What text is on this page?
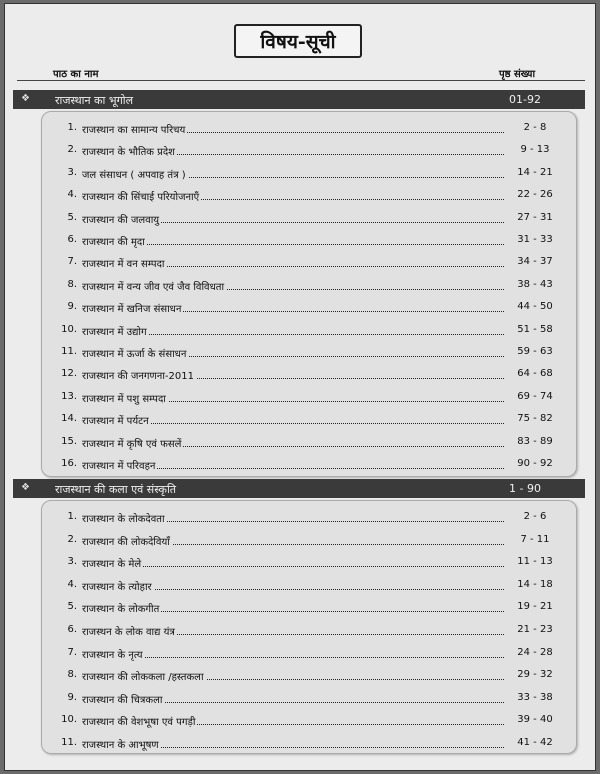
विषय-सूची
पाठ का नाम	पृष्ठ संख्या
❖ राजस्थान का भूगोल	01-92
1. राजस्थान का सामान्य परिचय	2 - 8
2. राजस्थान के भौतिक प्रदेश	9 - 13
3. जल संसाधन ( अपवाह तंत्र )	14 - 21
4. राजस्थान की सिंचाई परियोजनाएँ	22 - 26
5. राजस्थान की जलवायु	27 - 31
6. राजस्थान की मृदा	31 - 33
7. राजस्थान में वन सम्पदा	34 - 37
8. राजस्थान में वन्य जीव एवं जैव विविधता	38 - 43
9. राजस्थान में खनिज संसाधन	44 - 50
10. राजस्थान में उद्योग	51 - 58
11. राजस्थान में ऊर्जा के संसाधन	59 - 63
12. राजस्थान की जनगणना-2011	64 - 68
13. राजस्थान में पशु सम्पदा	69 - 74
14. राजस्थान में पर्यटन	75 - 82
15. राजस्थान में कृषि एवं फसलें	83 - 89
16. राजस्थान में परिवहन	90 - 92
❖ राजस्थान की कला एवं संस्कृति	1 - 90
1. राजस्थान के लोकदेवता	2 - 6
2. राजस्थान की लोकदेवियाँ	7 - 11
3. राजस्थान के मेले	11 - 13
4. राजस्थान के त्योहार	14 - 18
5. राजस्थान के लोकगीत	19 - 21
6. राजस्थन के लोक वाद्य यंत्र	21 - 23
7. राजस्थान के नृत्य	24 - 28
8. राजस्थान की लोककला /हस्तकला	29 - 32
9. राजस्थान की चित्रकला	33 - 38
10. राजस्थान की वेशभूषा एवं पगड़ी	39 - 40
11. राजस्थान के आभूषण	41 - 42
